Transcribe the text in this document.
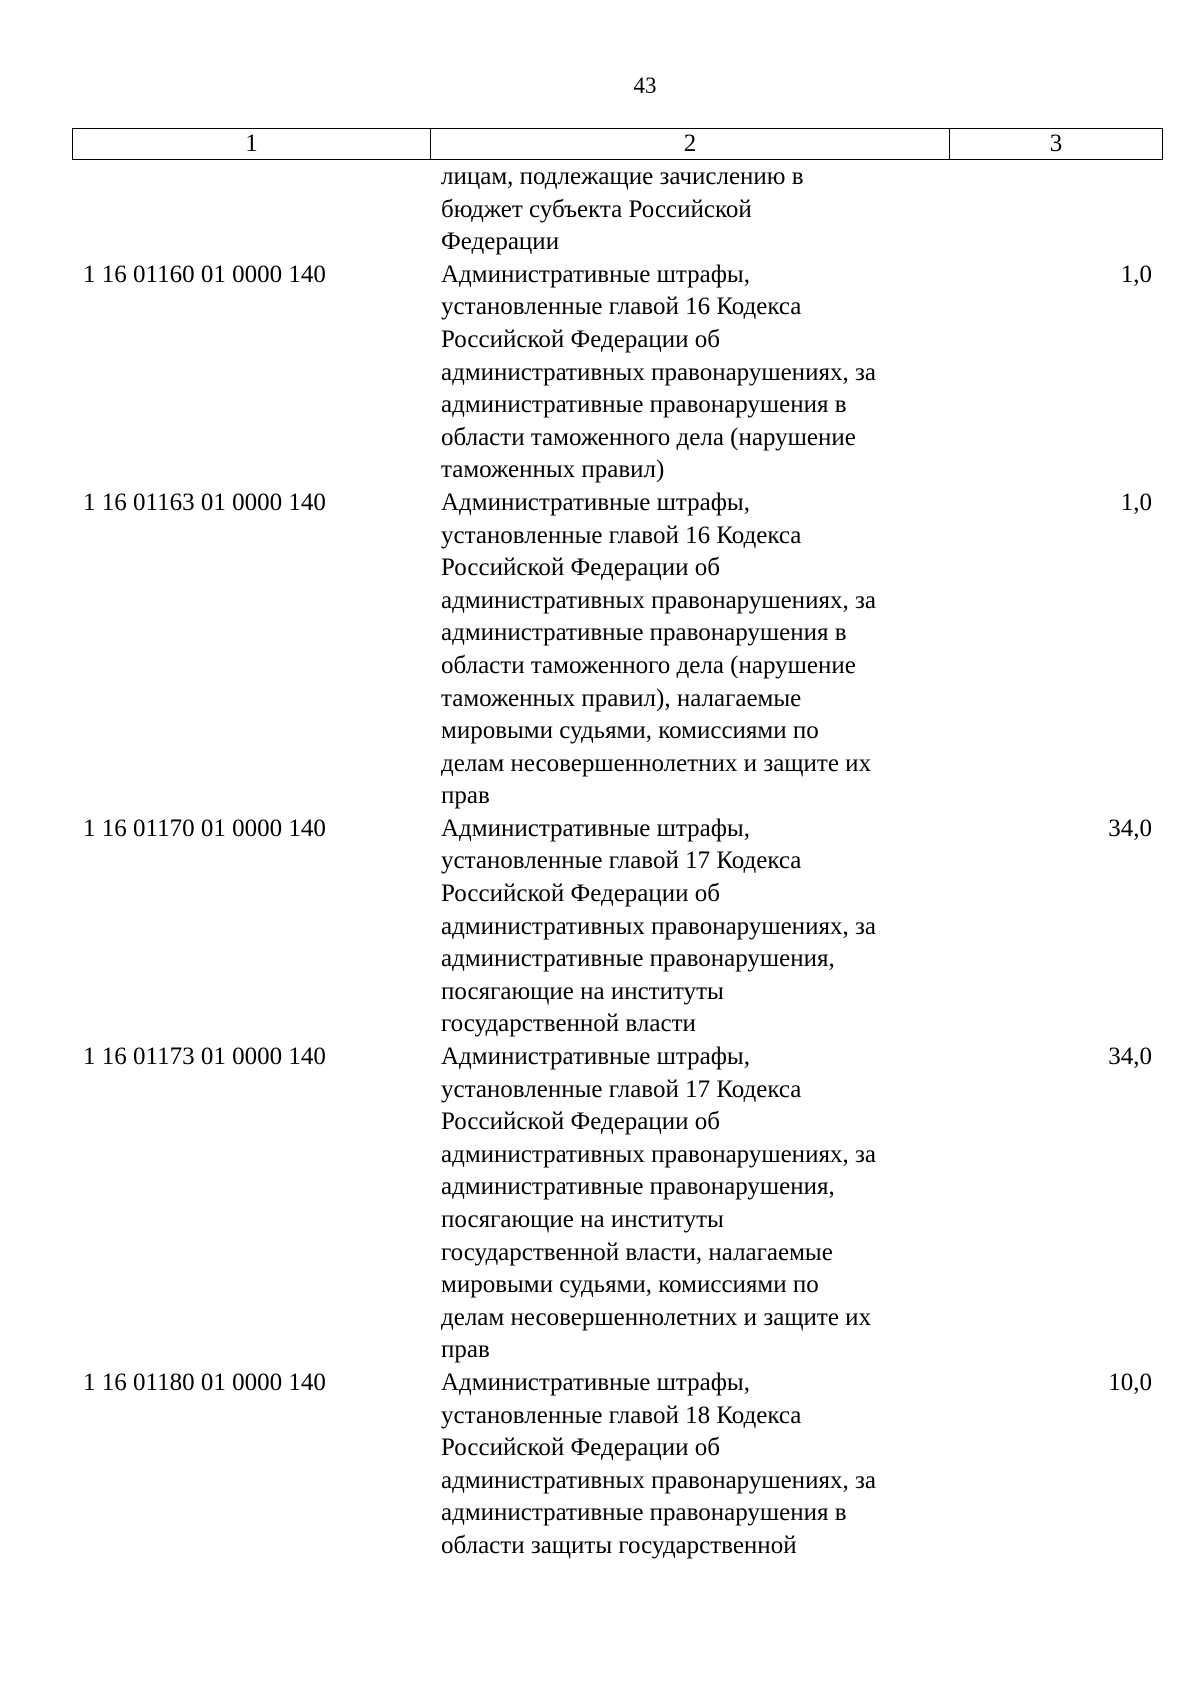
43
1	2	3
лицам, подлежащие зачислению в
бюджет субъекта Российской
Федерации
1 16 01160 01 0000 140	Административные штрафы,
установленные главой 16 Кодекса
Российской Федерации об
административных правонарушениях, за
административные правонарушения в
области таможенного дела (нарушение
таможенных правил)
1,0
1 16 01163 01 0000 140	Административные штрафы,
установленные главой 16 Кодекса
Российской Федерации об
административных правонарушениях, за
административные правонарушения в
области таможенного дела (нарушение
таможенных правил), налагаемые
мировыми судьями, комиссиями по
делам несовершеннолетних и защите их
прав
1,0
1 16 01170 01 0000 140	Административные штрафы,
установленные главой 17 Кодекса
Российской Федерации об
административных правонарушениях, за
административные правонарушения,
посягающие на институты
государственной власти
34,0
1 16 01173 01 0000 140	Административные штрафы,
установленные главой 17 Кодекса
Российской Федерации об
административных правонарушениях, за
административные правонарушения,
посягающие на институты
государственной власти, налагаемые
мировыми судьями, комиссиями по
делам несовершеннолетних и защите их
прав
34,0
1 16 01180 01 0000 140	Административные штрафы,
установленные главой 18 Кодекса
Российской Федерации об
административных правонарушениях, за
административные правонарушения в
области защиты государственной
10,0
